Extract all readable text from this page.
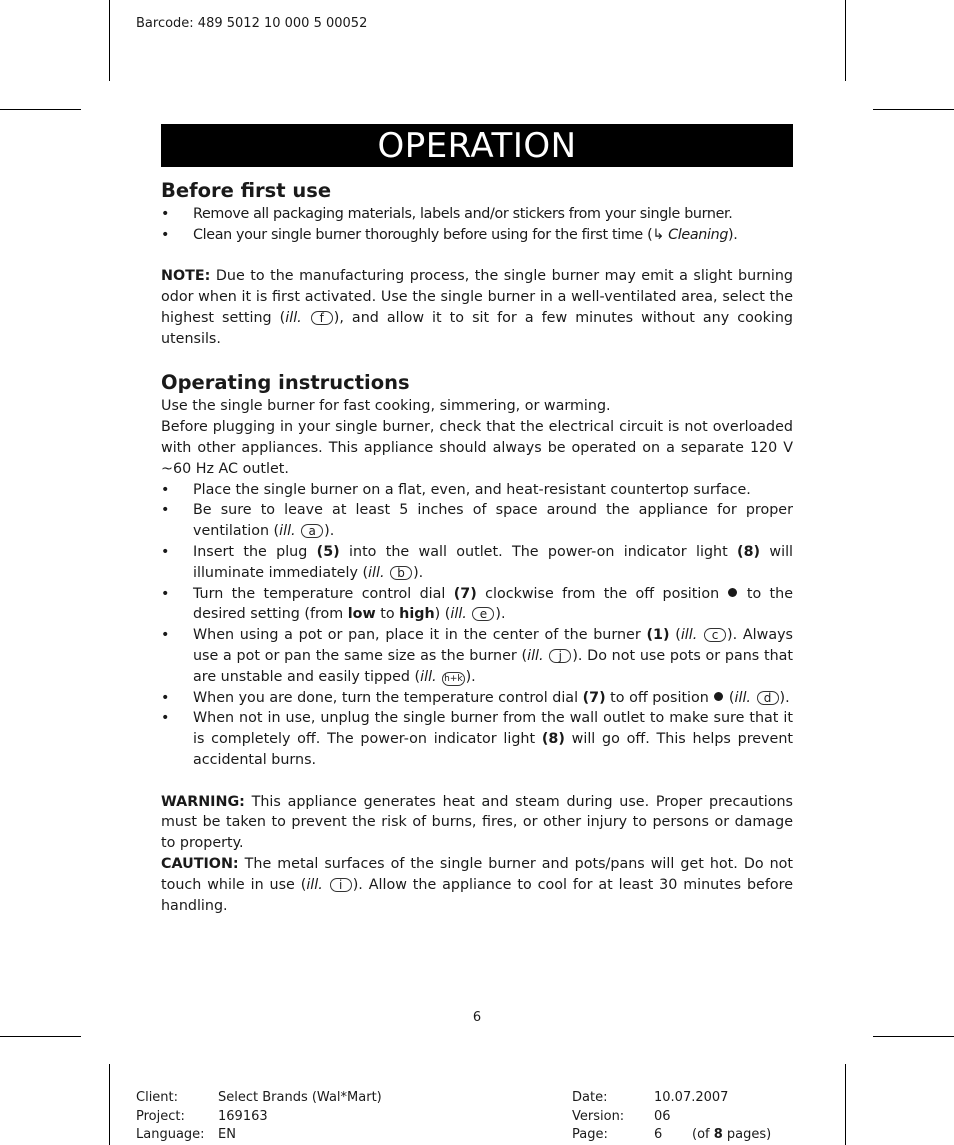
Barcode: 489 5012 10 000 5 00052
OPERATION
Before first use
• Remove all packaging materials, labels and/or stickers from your single burner.
• Clean your single burner thoroughly before using for the first time (↳ Cleaning).

NOTE: Due to the manufacturing process, the single burner may emit a slight burning odor when it is first activated. Use the single burner in a well-ventilated area, select the highest setting (ill. f ), and allow it to sit for a few minutes without any cooking utensils.

Operating instructions

Use the single burner for fast cooking, simmering, or warming.

Before plugging in your single burner, check that the electrical circuit is not overloaded with other appliances. This appliance should always be operated on a separate 120 V ~60 Hz AC outlet.

• Place the single burner on a flat, even, and heat-resistant countertop surface.
• Be sure to leave at least 5 inches of space around the appliance for proper ventilation (ill. a ).
• Insert the plug (5) into the wall outlet. The power-on indicator light (8) will illuminate immediately (ill. b ).
• Turn the temperature control dial (7) clockwise from the off position  to the desired setting (from low to high) (ill. e ).
• When using a pot or pan, place it in the center of the burner (1) (ill. c ). Always use a pot or pan the same size as the burner (ill. j ). Do not use pots or pans that are unstable and easily tipped (ill. h+k ).
• When you are done, turn the temperature control dial (7) to off position  (ill. d ).
• When not in use, unplug the single burner from the wall outlet to make sure that it is completely off. The power-on indicator light (8) will go off. This helps prevent accidental burns.

WARNING: This appliance generates heat and steam during use. Proper precautions must be taken to prevent the risk of burns, fires, or other injury to persons or damage to property.

CAUTION: The metal surfaces of the single burner and pots/pans will get hot. Do not touch while in use (ill. i ). Allow the appliance to cool for at least 30 minutes before handling.

6
Client:	Select Brands (Wal*Mart)
Project:	169163
Language:	EN
Date:	10.07.2007
Version:	06
Page:	6	(of 8 pages)
